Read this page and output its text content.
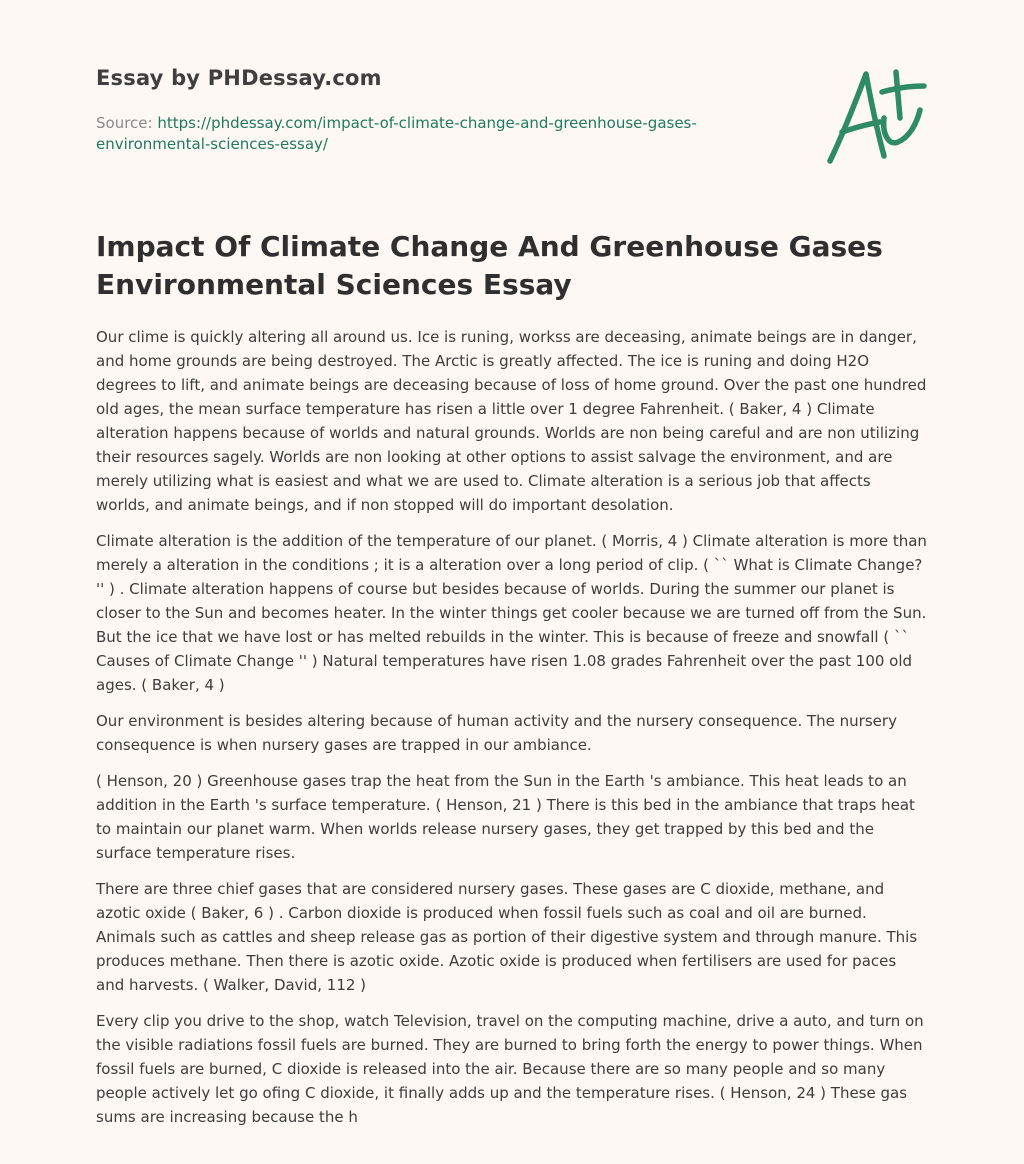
Essay by PHDessay.com
Source: https://phdessay.com/impact-of-climate-change-and-greenhouse-gases-environmental-sciences-essay/
Impact Of Climate Change And Greenhouse Gases Environmental Sciences Essay

Our clime is quickly altering all around us. Ice is runing, workss are deceasing, animate beings are in danger, and home grounds are being destroyed. The Arctic is greatly affected. The ice is runing and doing H2O degrees to lift, and animate beings are deceasing because of loss of home ground. Over the past one hundred old ages, the mean surface temperature has risen a little over 1 degree Fahrenheit. ( Baker, 4 ) Climate alteration happens because of worlds and natural grounds. Worlds are non being careful and are non utilizing their resources sagely. Worlds are non looking at other options to assist salvage the environment, and are merely utilizing what is easiest and what we are used to. Climate alteration is a serious job that affects worlds, and animate beings, and if non stopped will do important desolation.

Climate alteration is the addition of the temperature of our planet. ( Morris, 4 ) Climate alteration is more than merely a alteration in the conditions ; it is a alteration over a long period of clip. ( `` What is Climate Change? '' ) . Climate alteration happens of course but besides because of worlds. During the summer our planet is closer to the Sun and becomes heater. In the winter things get cooler because we are turned off from the Sun. But the ice that we have lost or has melted rebuilds in the winter. This is because of freeze and snowfall ( `` Causes of Climate Change '' ) Natural temperatures have risen 1.08 grades Fahrenheit over the past 100 old ages. ( Baker, 4 )

Our environment is besides altering because of human activity and the nursery consequence. The nursery consequence is when nursery gases are trapped in our ambiance.

( Henson, 20 ) Greenhouse gases trap the heat from the Sun in the Earth 's ambiance. This heat leads to an addition in the Earth 's surface temperature. ( Henson, 21 ) There is this bed in the ambiance that traps heat to maintain our planet warm. When worlds release nursery gases, they get trapped by this bed and the surface temperature rises.

There are three chief gases that are considered nursery gases. These gases are C dioxide, methane, and azotic oxide ( Baker, 6 ) . Carbon dioxide is produced when fossil fuels such as coal and oil are burned. Animals such as cattles and sheep release gas as portion of their digestive system and through manure. This produces methane. Then there is azotic oxide. Azotic oxide is produced when fertilisers are used for paces and harvests. ( Walker, David, 112 )

Every clip you drive to the shop, watch Television, travel on the computing machine, drive a auto, and turn on the visible radiations fossil fuels are burned. They are burned to bring forth the energy to power things. When fossil fuels are burned, C dioxide is released into the air. Because there are so many people and so many people actively let go ofing C dioxide, it finally adds up and the temperature rises. ( Henson, 24 ) These gas sums are increasing because the h
